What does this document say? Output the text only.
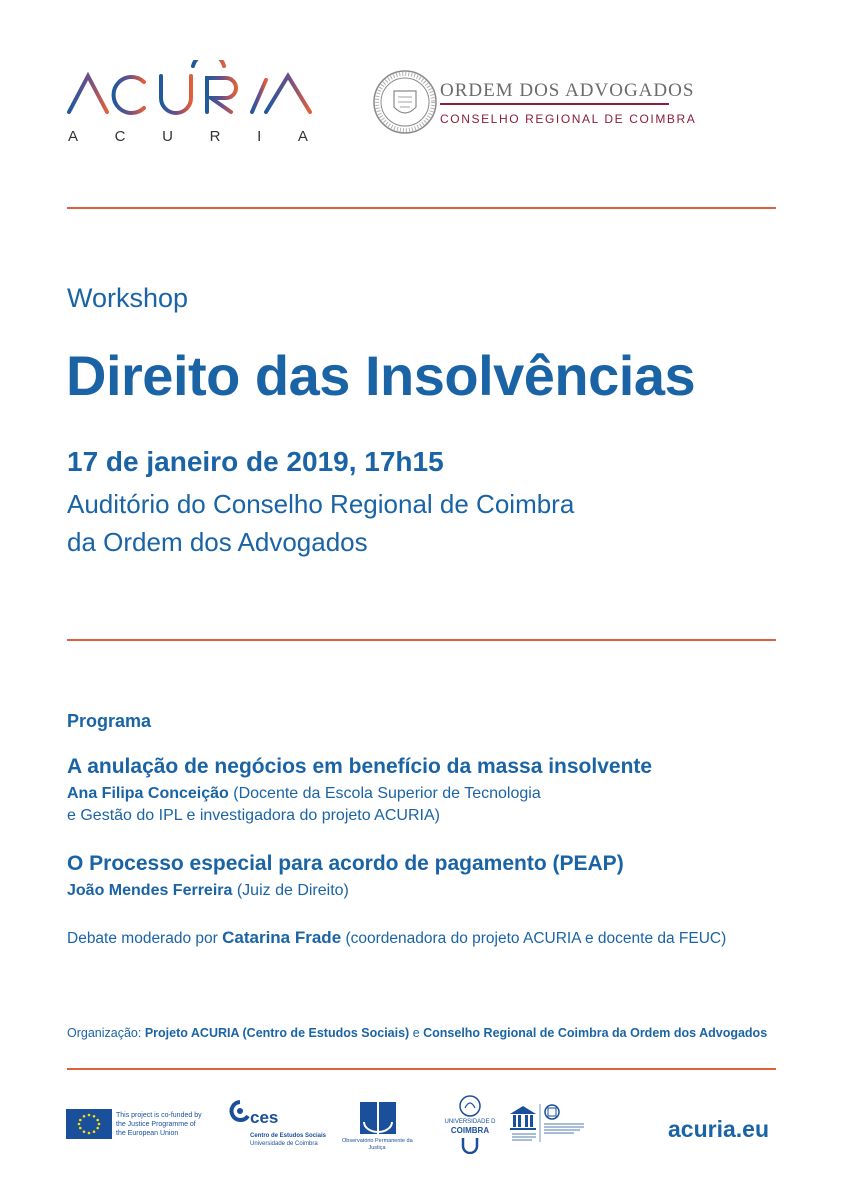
A C U R I A
ORDEM DOS ADVOGADOS
CONSELHO REGIONAL DE COIMBRA
Workshop
Direito das Insolvências
17 de janeiro de 2019, 17h15
Auditório do Conselho Regional de Coimbra
da Ordem dos Advogados
Programa
A anulação de negócios em benefício da massa insolvente
Ana Filipa Conceição (Docente da Escola Superior de Tecnologia
e Gestão do IPL e investigadora do projeto ACURIA)
O Processo especial para acordo de pagamento (PEAP)
João Mendes Ferreira (Juiz de Direito)
Debate moderado por Catarina Frade (coordenadora do projeto ACURIA e docente da FEUC)
Organização: Projeto ACURIA (Centro de Estudos Sociais) e Conselho Regional de Coimbra da Ordem dos Advogados
This project is co-funded by the Justice Programme of the European Union
ces
Centro de Estudos Sociais
Universidade de Coimbra	Observatório Permanente da
Justiça
UNIVERSIDADE D
COIMBRA	acuria.eu
